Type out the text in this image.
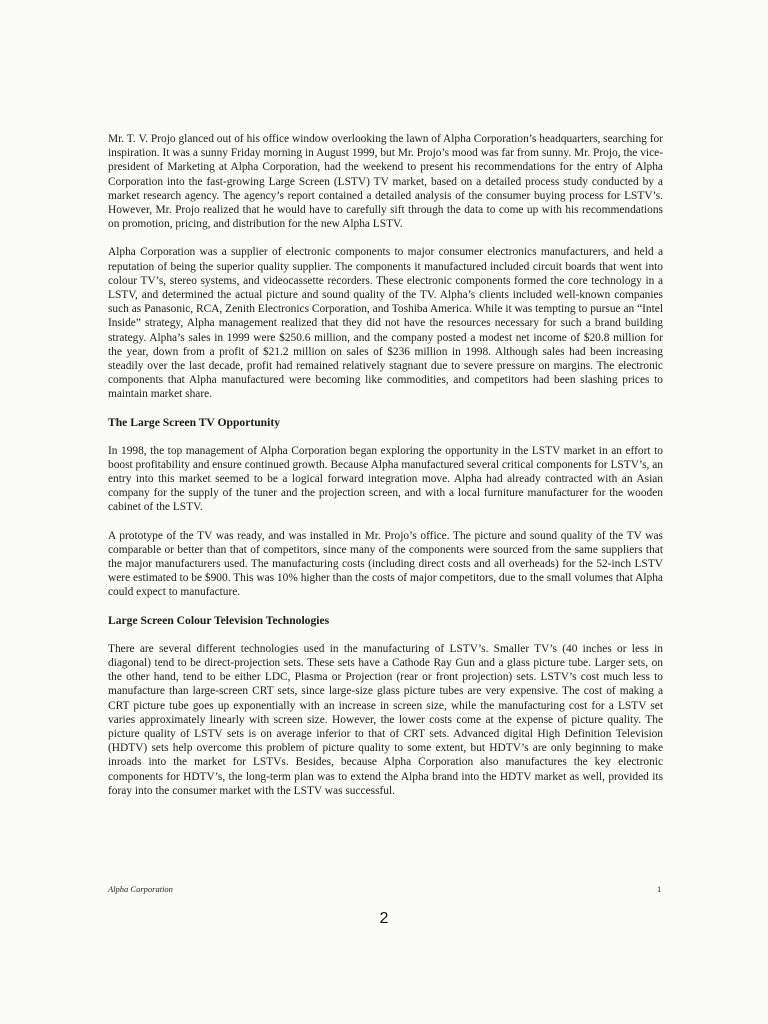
Mr. T. V. Projo glanced out of his office window overlooking the lawn of Alpha Corporation’s headquarters, searching for inspiration. It was a sunny Friday morning in August 1999, but Mr. Projo’s mood was far from sunny. Mr. Projo, the vice-president of Marketing at Alpha Corporation, had the weekend to present his recommendations for the entry of Alpha Corporation into the fast-growing Large Screen (LSTV) TV market, based on a detailed process study conducted by a market research agency. The agency’s report contained a detailed analysis of the consumer buying process for LSTV’s. However, Mr. Projo realized that he would have to carefully sift through the data to come up with his recommendations on promotion, pricing, and distribution for the new Alpha LSTV.

Alpha Corporation was a supplier of electronic components to major consumer electronics manufacturers, and held a reputation of being the superior quality supplier. The components it manufactured included circuit boards that went into colour TV’s, stereo systems, and videocassette recorders. These electronic components formed the core technology in a LSTV, and determined the actual picture and sound quality of the TV. Alpha’s clients included well-known companies such as Panasonic, RCA, Zenith Electronics Corporation, and Toshiba America. While it was tempting to pursue an “Intel Inside” strategy, Alpha management realized that they did not have the resources necessary for such a brand building strategy. Alpha’s sales in 1999 were $250.6 million, and the company posted a modest net income of $20.8 million for the year, down from a profit of $21.2 million on sales of $236 million in 1998. Although sales had been increasing steadily over the last decade, profit had remained relatively stagnant due to severe pressure on margins. The electronic components that Alpha manufactured were becoming like commodities, and competitors had been slashing prices to maintain market share.

The Large Screen TV Opportunity

In 1998, the top management of Alpha Corporation began exploring the opportunity in the LSTV market in an effort to boost profitability and ensure continued growth. Because Alpha manufactured several critical components for LSTV’s, an entry into this market seemed to be a logical forward integration move. Alpha had already contracted with an Asian company for the supply of the tuner and the projection screen, and with a local furniture manufacturer for the wooden cabinet of the LSTV.

A prototype of the TV was ready, and was installed in Mr. Projo’s office. The picture and sound quality of the TV was comparable or better than that of competitors, since many of the components were sourced from the same suppliers that the major manufacturers used. The manufacturing costs (including direct costs and all overheads) for the 52-inch LSTV were estimated to be $900. This was 10% higher than the costs of major competitors, due to the small volumes that Alpha could expect to manufacture.

Large Screen Colour Television Technologies

There are several different technologies used in the manufacturing of LSTV’s. Smaller TV’s (40 inches or less in diagonal) tend to be direct-projection sets. These sets have a Cathode Ray Gun and a glass picture tube. Larger sets, on the other hand, tend to be either LDC, Plasma or Projection (rear or front projection) sets. LSTV’s cost much less to manufacture than large-screen CRT sets, since large-size glass picture tubes are very expensive. The cost of making a CRT picture tube goes up exponentially with an increase in screen size, while the manufacturing cost for a LSTV set varies approximately linearly with screen size. However, the lower costs come at the expense of picture quality. The picture quality of LSTV sets is on average inferior to that of CRT sets. Advanced digital High Definition Television (HDTV) sets help overcome this problem of picture quality to some extent, but HDTV’s are only beginning to make inroads into the market for LSTVs. Besides, because Alpha Corporation also manufactures the key electronic components for HDTV’s, the long-term plan was to extend the Alpha brand into the HDTV market as well, provided its foray into the consumer market with the LSTV was successful.

Alpha Corporation	1
2
